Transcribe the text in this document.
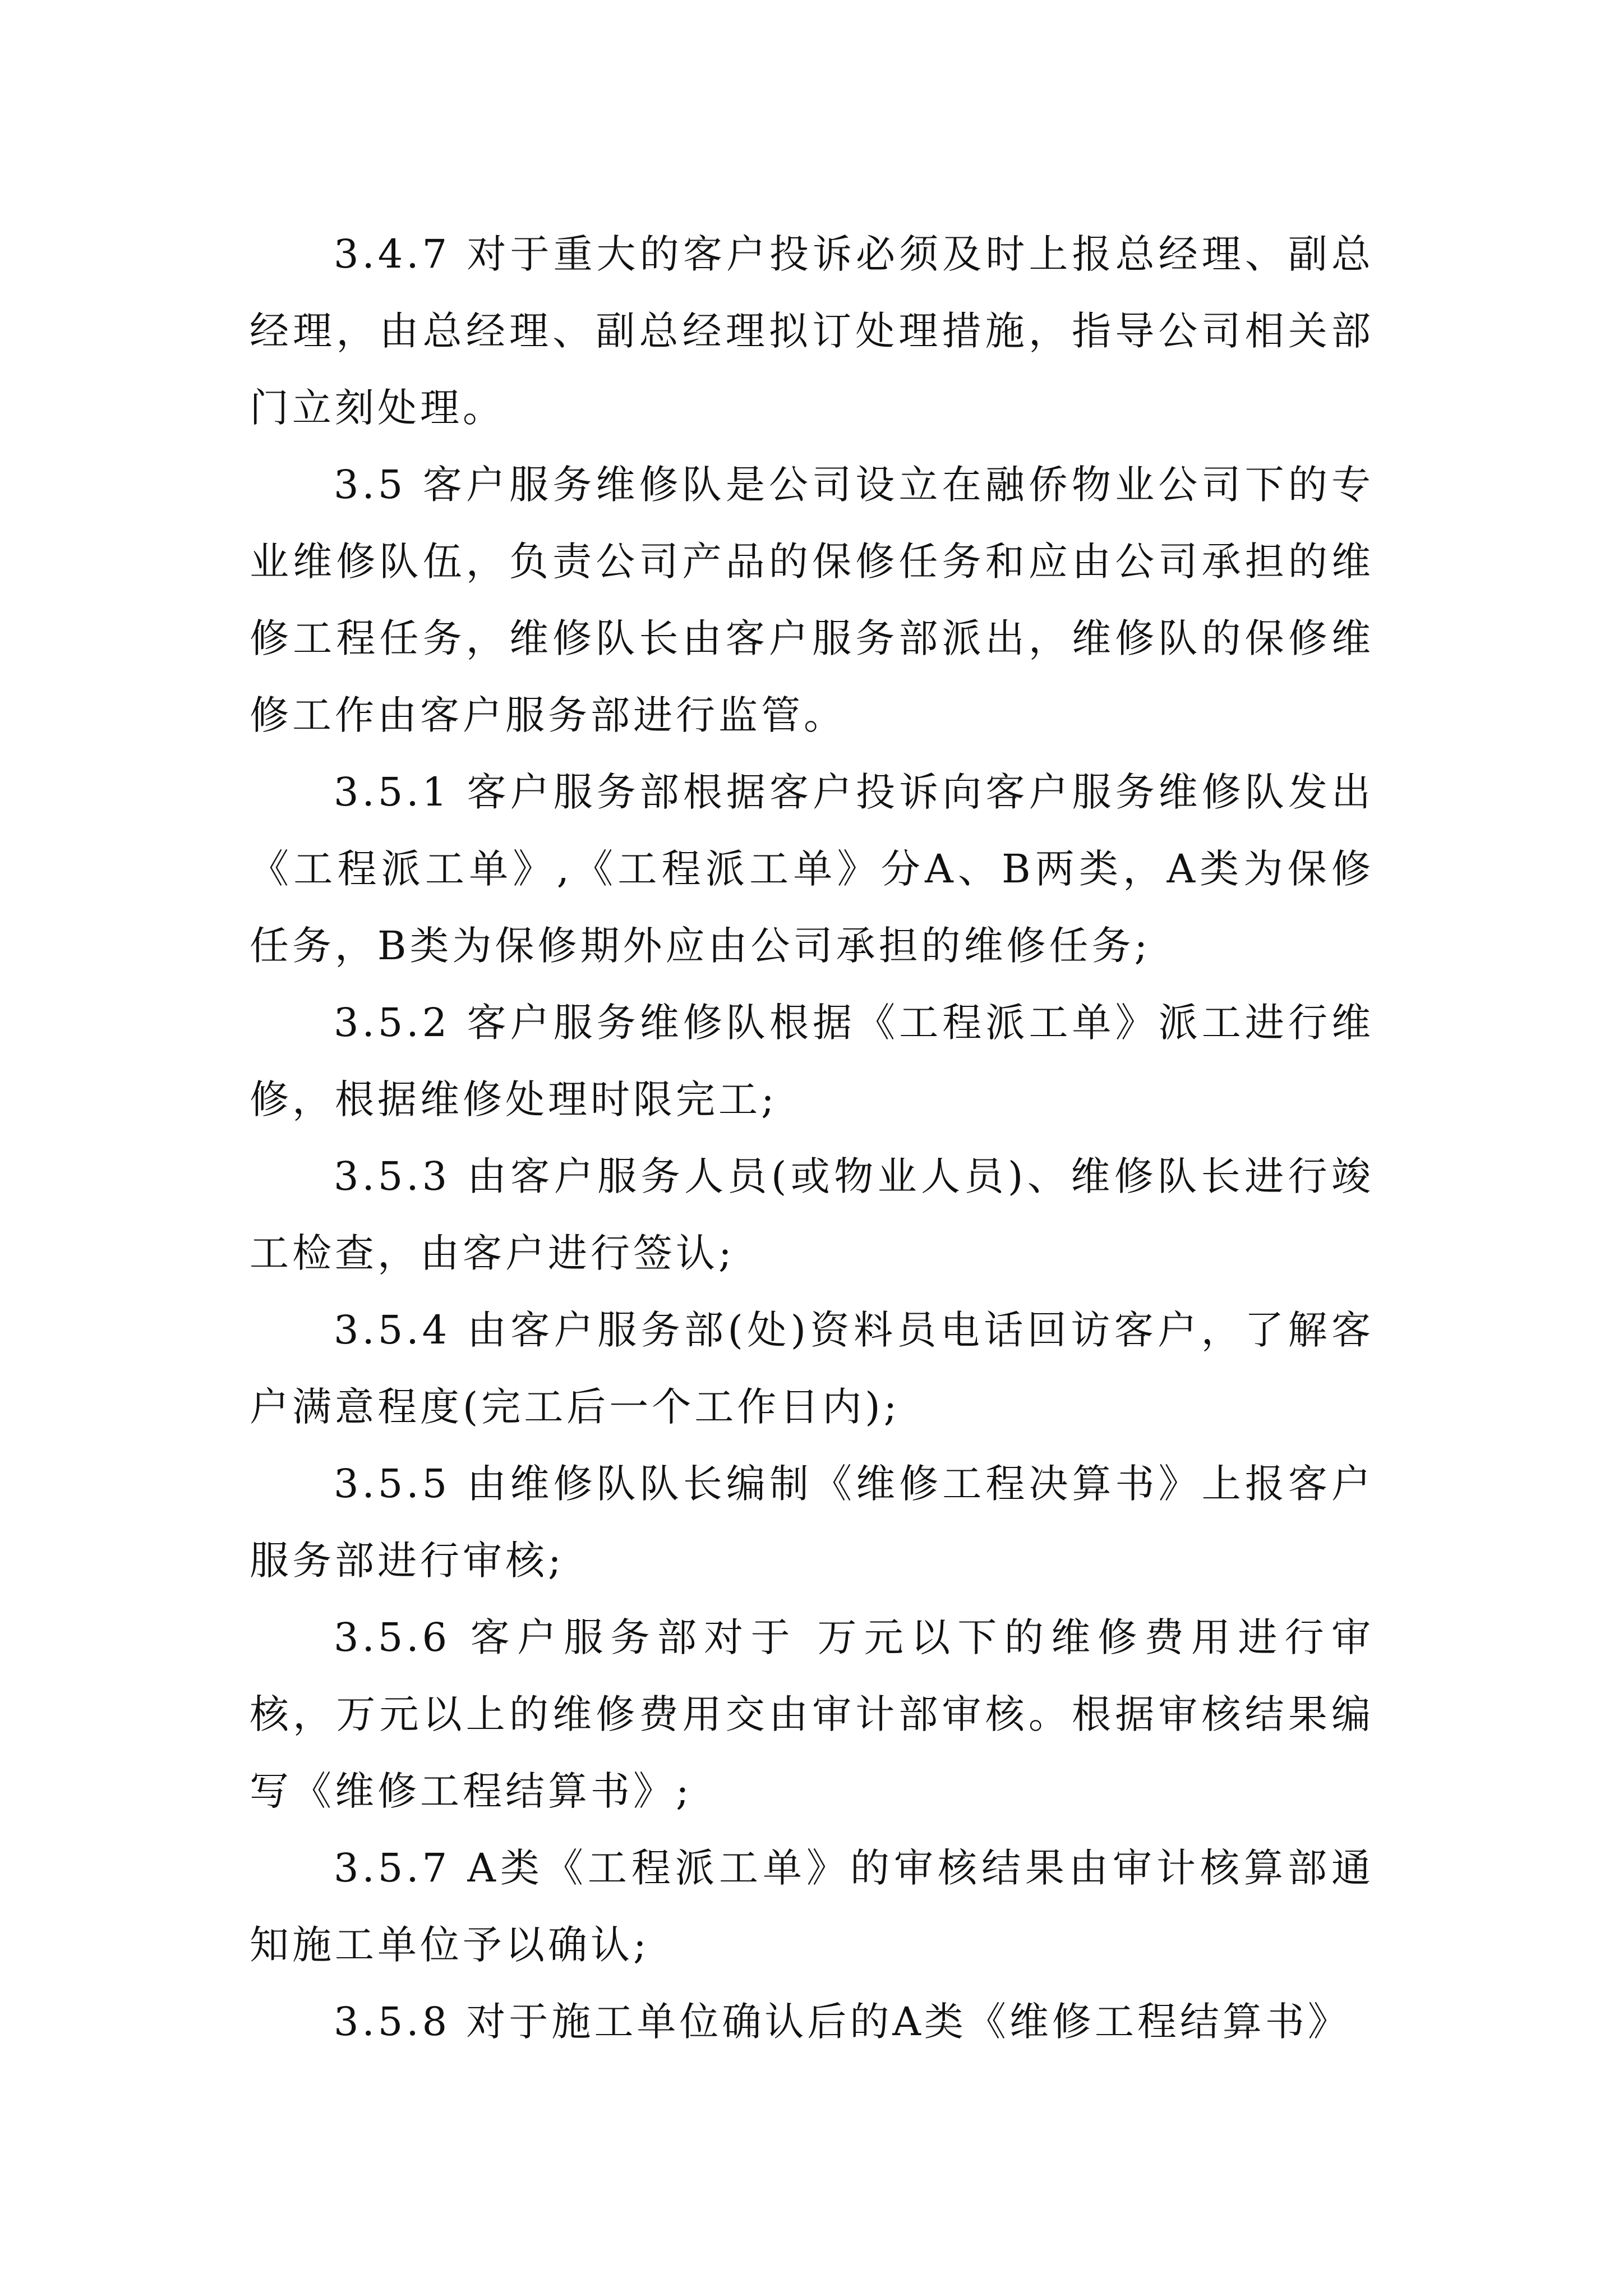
3.4.7 对于重大的客户投诉必须及时上报总经理、副总经理，由总经理、副总经理拟订处理措施，指导公司相关部门立刻处理。

3.5 客户服务维修队是公司设立在融侨物业公司下的专业维修队伍，负责公司产品的保修任务和应由公司承担的维修工程任务，维修队长由客户服务部派出，维修队的保修维修工作由客户服务部进行监管。

3.5.1 客户服务部根据客户投诉向客户服务维修队发出《工程派工单》,《工程派工单》分A、B两类，A类为保修任务，B类为保修期外应由公司承担的维修任务;

3.5.2 客户服务维修队根据《工程派工单》派工进行维修，根据维修处理时限完工;

3.5.3 由客户服务人员(或物业人员)、维修队长进行竣工检查，由客户进行签认;

3.5.4 由客户服务部(处)资料员电话回访客户，了解客户满意程度(完工后一个工作日内);

3.5.5 由维修队队长编制《维修工程决算书》上报客户服务部进行审核;

3.5.6 客户服务部对于 万元以下的维修费用进行审核，万元以上的维修费用交由审计部审核。根据审核结果编写《维修工程结算书》;

3.5.7 A类《工程派工单》的审核结果由审计核算部通知施工单位予以确认;

3.5.8 对于施工单位确认后的A类《维修工程结算书》
